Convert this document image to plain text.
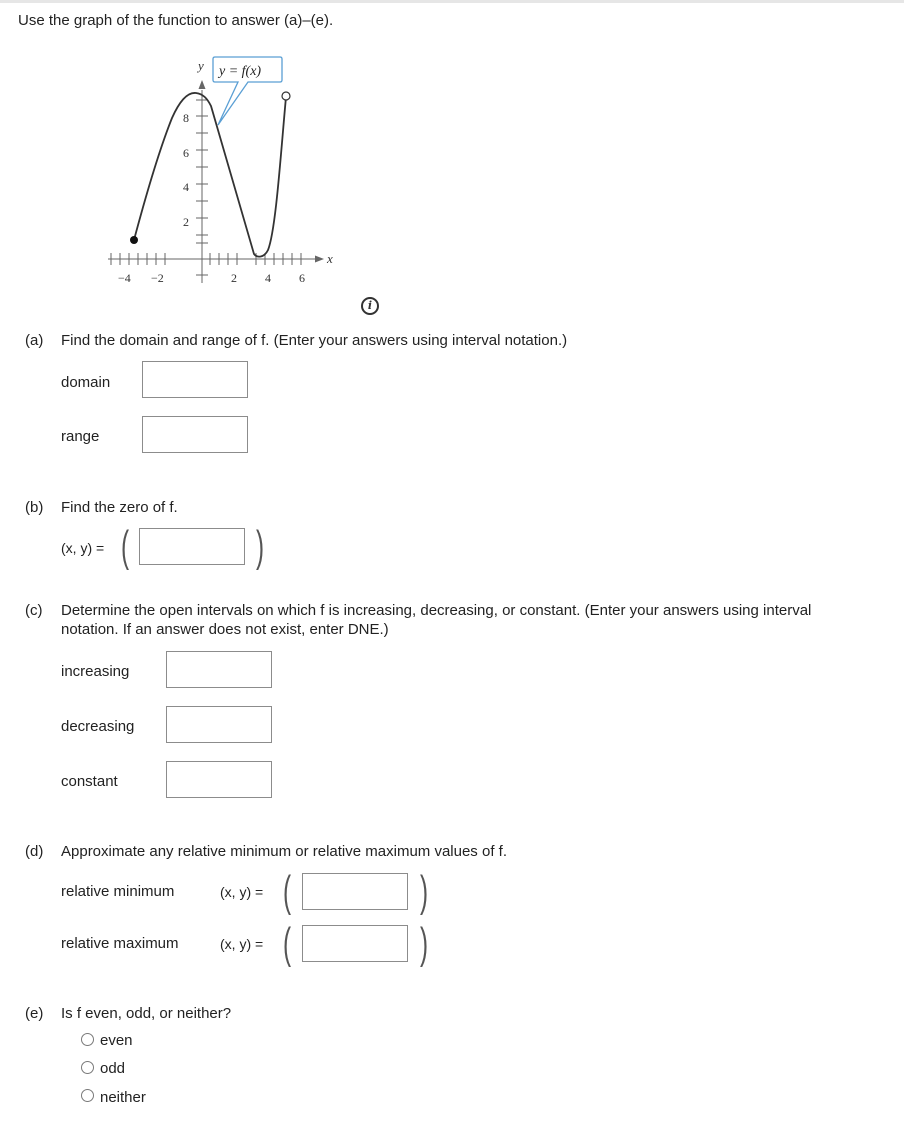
Use the graph of the function to answer (a)–(e).
−4 −2	2 4 6
2
4
6
8
y
x
y = f(x)
i
(a) Find the domain and range of f. (Enter your answers using interval notation.)
domain
range
(b) Find the zero of f.
(x, y) = (	)
(c) Determine the open intervals on which f is increasing, decreasing, or constant. (Enter your answers using interval
notation. If an answer does not exist, enter DNE.)
increasing
decreasing
constant
(d) Approximate any relative minimum or relative maximum values of f.
relative minimum	(x, y) = (	)
relative maximum	(x, y) = (	)
(e) Is f even, odd, or neither?
even
odd
neither
